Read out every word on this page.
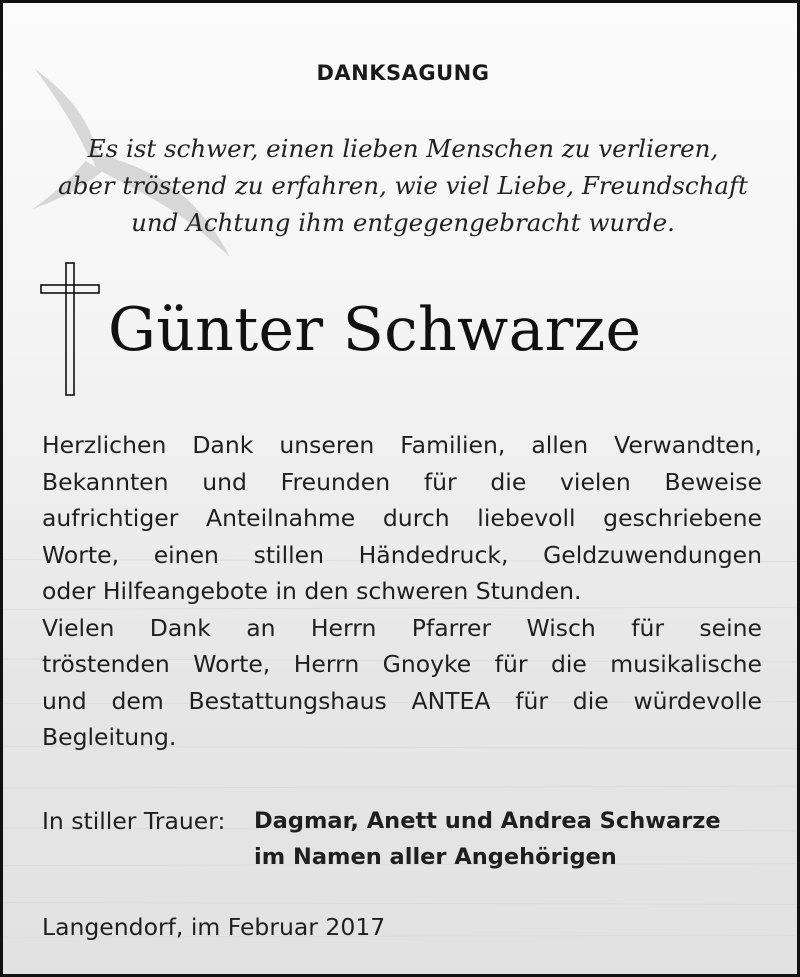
DANKSAGUNG
Es ist schwer, einen lieben Menschen zu verlieren,
aber tröstend zu erfahren, wie viel Liebe, Freundschaft
und Achtung ihm entgegengebracht wurde.
Günter Schwarze
Herzlichen Dank unseren Familien, allen Verwandten,
Bekannten und Freunden für die vielen Beweise
aufrichtiger Anteilnahme durch liebevoll geschriebene
Worte, einen stillen Händedruck, Geldzuwendungen
oder Hilfeangebote in den schweren Stunden.
Vielen Dank an Herrn Pfarrer Wisch für seine
tröstenden Worte, Herrn Gnoyke für die musikalische
und dem Bestattungshaus ANTEA für die würdevolle
Begleitung.
In stiller Trauer: Dagmar, Anett und Andrea Schwarze
im Namen aller Angehörigen
Langendorf, im Februar 2017
